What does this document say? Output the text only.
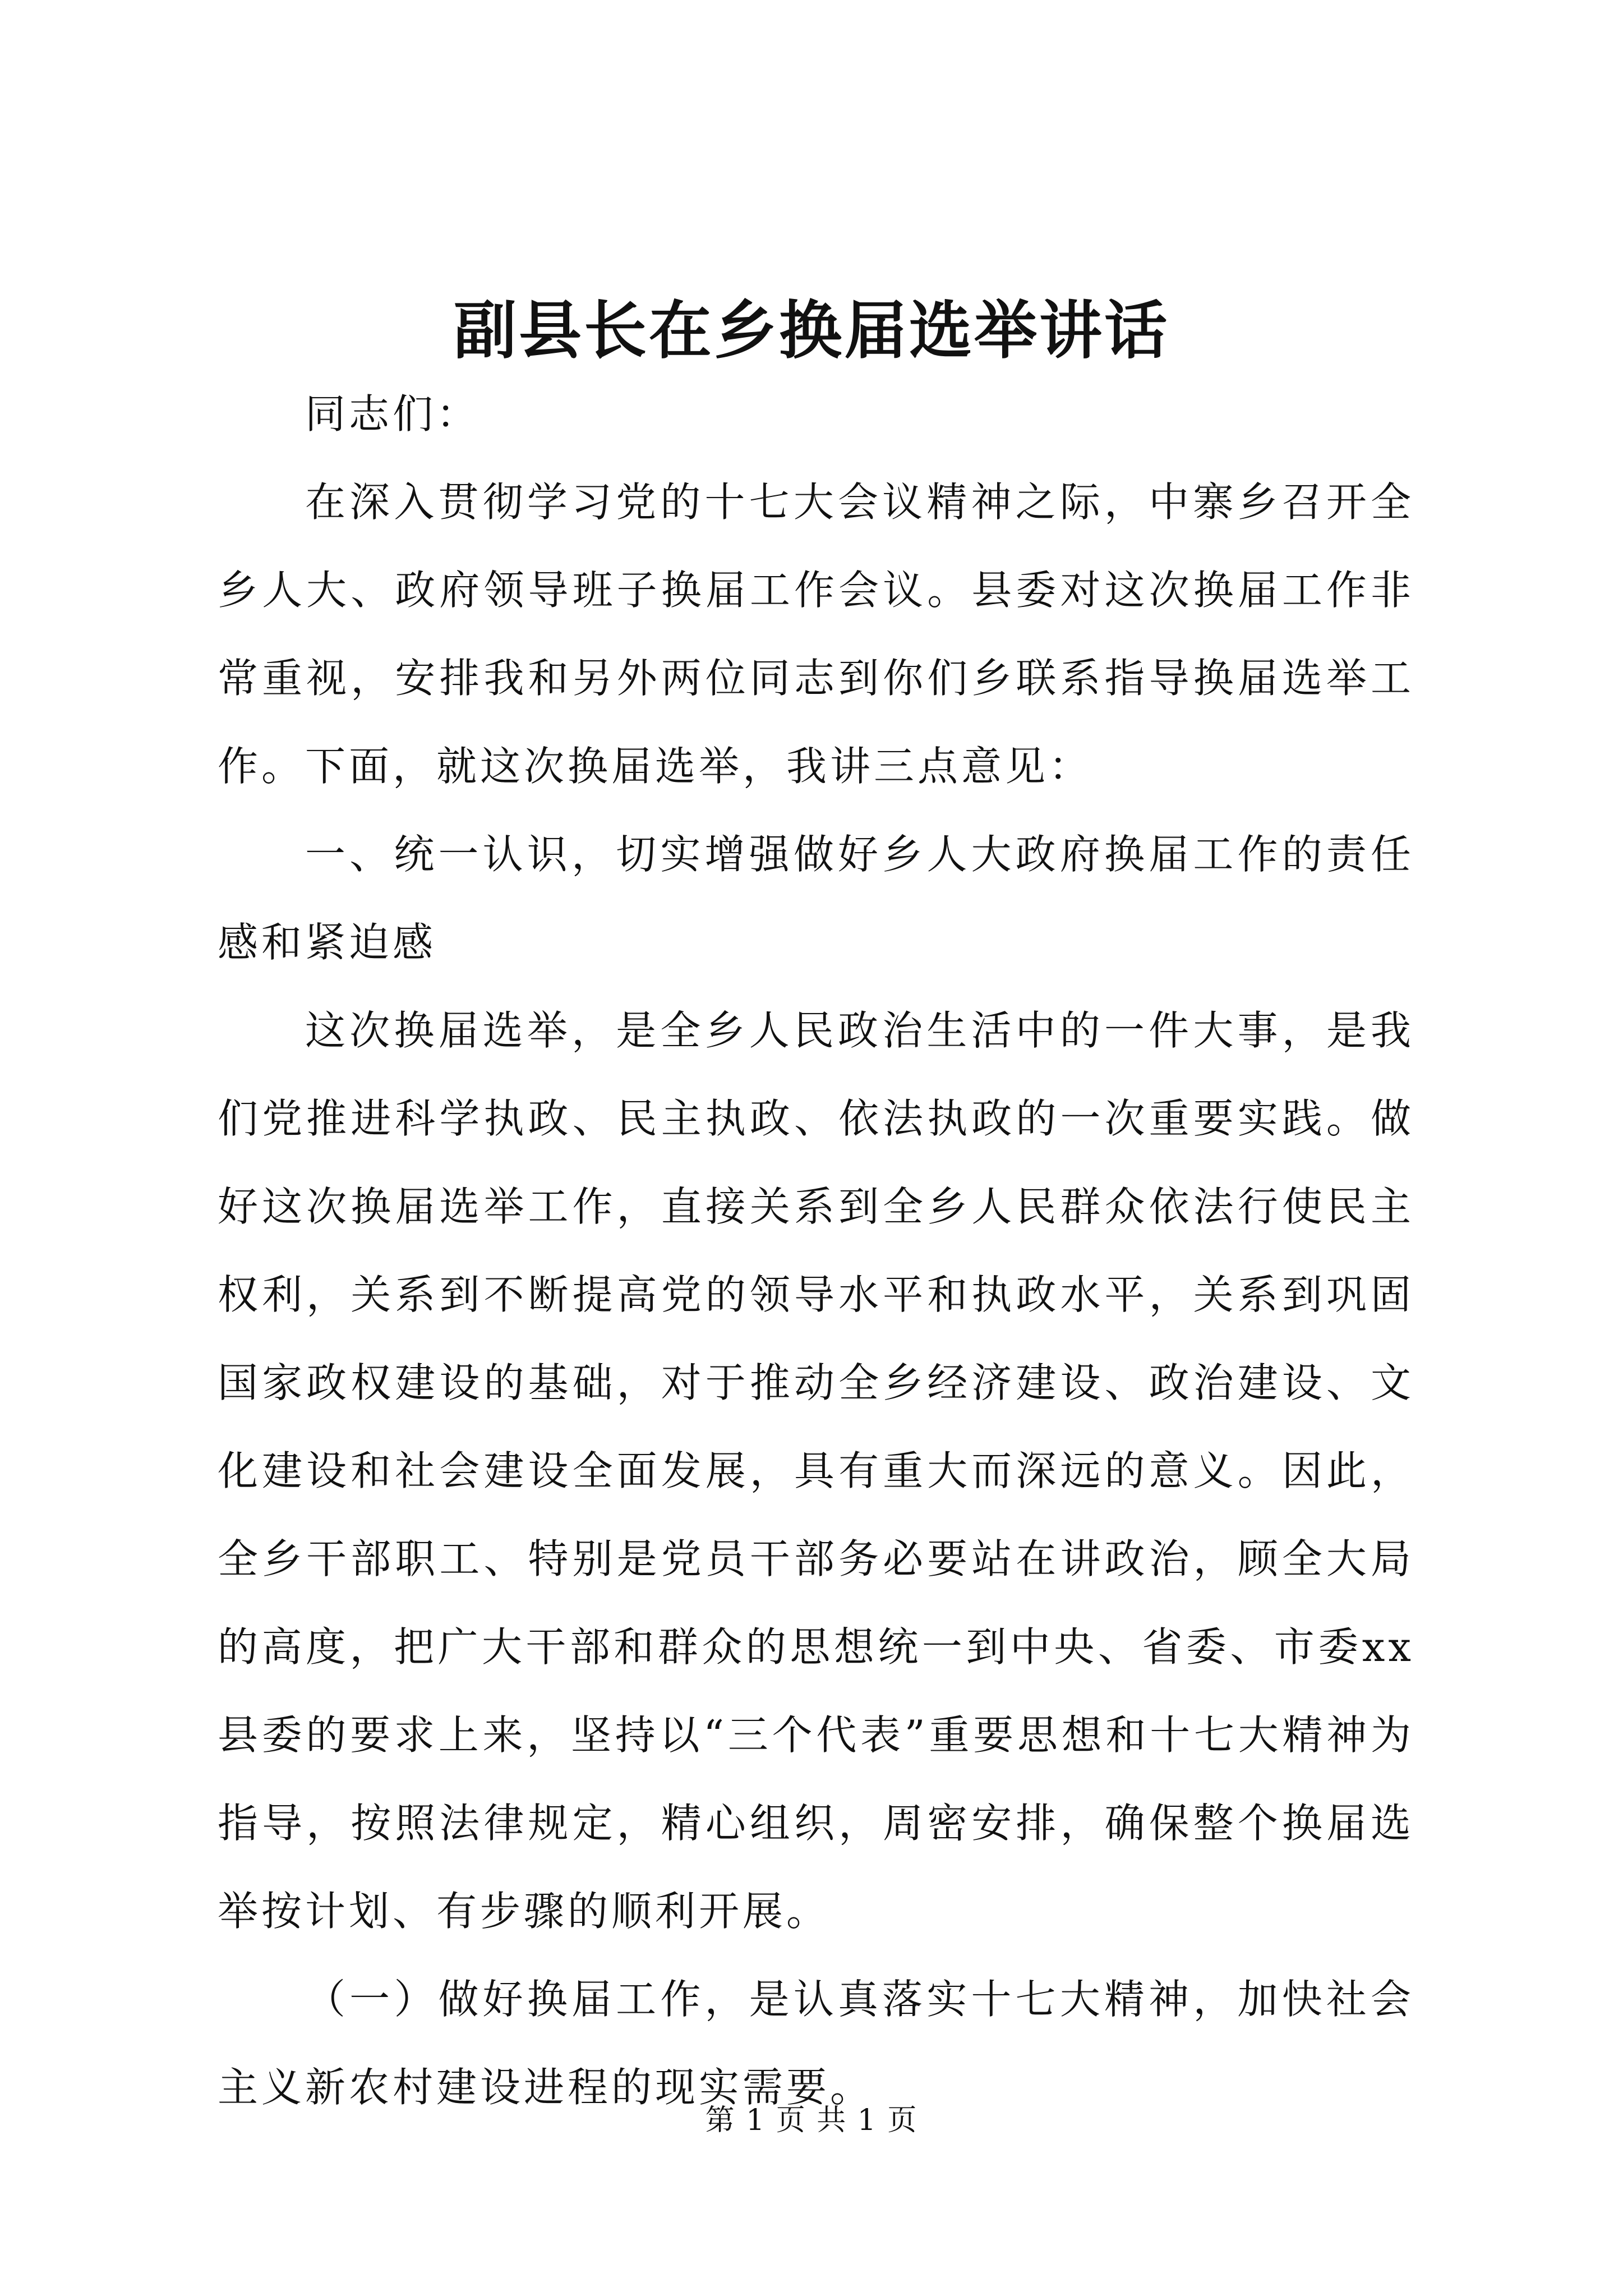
副县长在乡换届选举讲话

同志们：

在深入贯彻学习党的十七大会议精神之际，中寨乡召开全乡人大、政府领导班子换届工作会议。县委对这次换届工作非常重视，安排我和另外两位同志到你们乡联系指导换届选举工作。下面，就这次换届选举，我讲三点意见：

一、统一认识，切实增强做好乡人大政府换届工作的责任感和紧迫感

这次换届选举，是全乡人民政治生活中的一件大事，是我们党推进科学执政、民主执政、依法执政的一次重要实践。做好这次换届选举工作，直接关系到全乡人民群众依法行使民主权利，关系到不断提高党的领导水平和执政水平，关系到巩固国家政权建设的基础，对于推动全乡经济建设、政治建设、文化建设和社会建设全面发展，具有重大而深远的意义。因此，全乡干部职工、特别是党员干部务必要站在讲政治，顾全大局的高度，把广大干部和群众的思想统一到中央、省委、市委xx县委的要求上来，坚持以“三个代表”重要思想和十七大精神为指导，按照法律规定，精心组织，周密安排，确保整个换届选举按计划、有步骤的顺利开展。

（一）做好换届工作，是认真落实十七大精神，加快社会主义新农村建设进程的现实需要。

第 1 页 共 1 页
